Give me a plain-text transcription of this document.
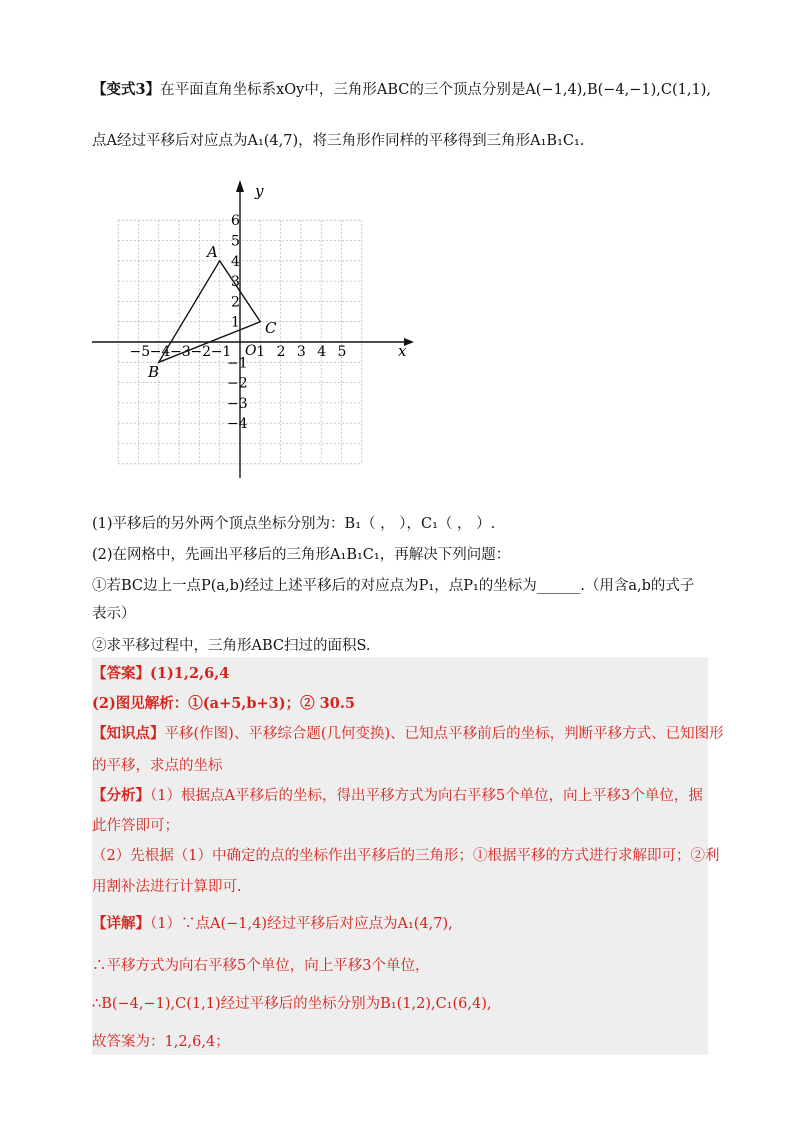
【变式3】在平面直角坐标系xOy中，三角形ABC的三个顶点分别是A(−1,4),B(−4,−1),C(1,1),
点A经过平移后对应点为A₁(4,7)，将三角形作同样的平移得到三角形A₁B₁C₁.
x
y
O
−5 −4 −3 −2 −1 1 2 3 4 5
6
5
4
3
2
1
−1
−2
−3
−4
A
B
C
(1)平移后的另外两个顶点坐标分别为：B₁（ ， ），C₁（ ， ）.
(2)在网格中，先画出平移后的三角形A₁B₁C₁，再解决下列问题：
①若BC边上一点P(a,b)经过上述平移后的对应点为P₁，点P₁的坐标为______.（用含a,b的式子
表示）
②求平移过程中，三角形ABC扫过的面积S.
【答案】(1)1,2,6,4
(2)图见解析：①(a+5,b+3)；② 30.5
【知识点】平移(作图)、平移综合题(几何变换)、已知点平移前后的坐标，判断平移方式、已知图形
的平移，求点的坐标
【分析】（1）根据点A平移后的坐标，得出平移方式为向右平移5个单位，向上平移3个单位，据
此作答即可；
（2）先根据（1）中确定的点的坐标作出平移后的三角形；①根据平移的方式进行求解即可；②利
用割补法进行计算即可.
【详解】（1）∵点A(−1,4)经过平移后对应点为A₁(4,7),
∴平移方式为向右平移5个单位，向上平移3个单位，
∴B(−4,−1),C(1,1)经过平移后的坐标分别为B₁(1,2),C₁(6,4),
故答案为：1,2,6,4；
